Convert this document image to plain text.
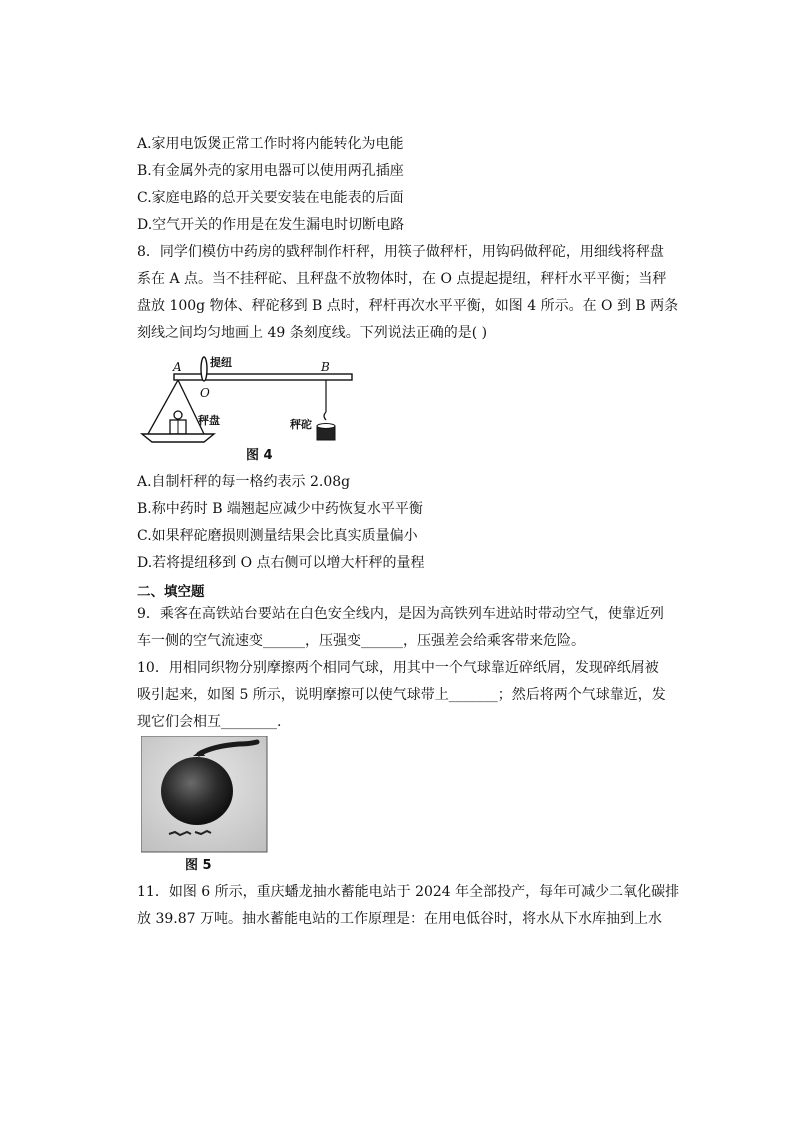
A.家用电饭煲正常工作时将内能转化为电能
B.有金属外壳的家用电器可以使用两孔插座
C.家庭电路的总开关要安装在电能表的后面
D.空气开关的作用是在发生漏电时切断电路
8．同学们模仿中药房的戥秤制作杆秤，用筷子做秤杆，用钩码做秤砣，用细线将秤盘
系在 A 点。当不挂秤砣、且秤盘不放物体时，在 O 点提起提纽，秤杆水平平衡；当秤
盘放 100g 物体、秤砣移到 B 点时，秤杆再次水平平衡，如图 4 所示。在 O 到 B 两条
刻线之间均匀地画上 49 条刻度线。下列说法正确的是( )
A
O
B
提纽
秤盘	秤砣
图 4
A.自制杆秤的每一格约表示 2.08g
B.称中药时 B 端翘起应减少中药恢复水平平衡
C.如果秤砣磨损则测量结果会比真实质量偏小
D.若将提纽移到 O 点右侧可以增大杆秤的量程
二、填空题
9．乘客在高铁站台要站在白色安全线内，是因为高铁列车进站时带动空气，使靠近列
车一侧的空气流速变______，压强变______，压强差会给乘客带来危险。
10．用相同织物分别摩擦两个相同气球，用其中一个气球靠近碎纸屑，发现碎纸屑被
吸引起来，如图 5 所示，说明摩擦可以使气球带上_______；然后将两个气球靠近，发
现它们会相互________.
图 5
11．如图 6 所示，重庆蟠龙抽水蓄能电站于 2024 年全部投产，每年可减少二氧化碳排
放 39.87 万吨。抽水蓄能电站的工作原理是：在用电低谷时，将水从下水库抽到上水
